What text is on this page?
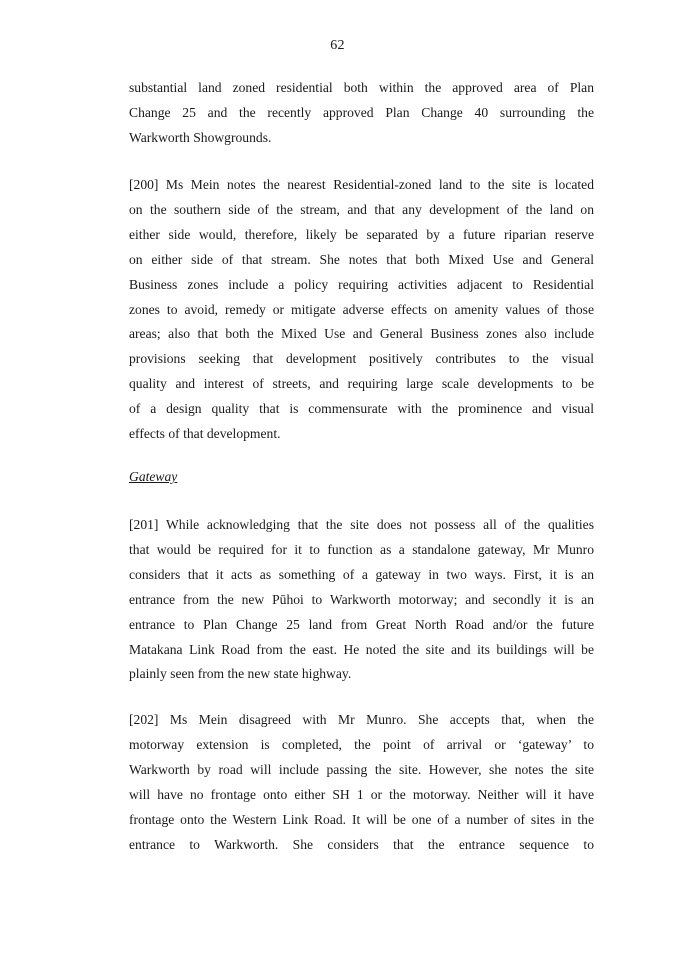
62
substantial land zoned residential both within the approved area of Plan
Change 25 and the recently approved Plan Change 40 surrounding the
Warkworth Showgrounds.
[200] Ms Mein notes the nearest Residential-zoned land to the site is located
on the southern side of the stream, and that any development of the land on
either side would, therefore, likely be separated by a future riparian reserve
on either side of that stream. She notes that both Mixed Use and General
Business zones include a policy requiring activities adjacent to Residential
zones to avoid, remedy or mitigate adverse effects on amenity values of those
areas; also that both the Mixed Use and General Business zones also include
provisions seeking that development positively contributes to the visual
quality and interest of streets, and requiring large scale developments to be
of a design quality that is commensurate with the prominence and visual
effects of that development.
Gateway
[201] While acknowledging that the site does not possess all of the qualities
that would be required for it to function as a standalone gateway, Mr Munro
considers that it acts as something of a gateway in two ways. First, it is an
entrance from the new Pūhoi to Warkworth motorway; and secondly it is an
entrance to Plan Change 25 land from Great North Road and/or the future
Matakana Link Road from the east. He noted the site and its buildings will be
plainly seen from the new state highway.
[202] Ms Mein disagreed with Mr Munro. She accepts that, when the
motorway extension is completed, the point of arrival or ‘gateway’ to
Warkworth by road will include passing the site. However, she notes the site
will have no frontage onto either SH 1 or the motorway. Neither will it have
frontage onto the Western Link Road. It will be one of a number of sites in the
entrance to Warkworth. She considers that the entrance sequence to
